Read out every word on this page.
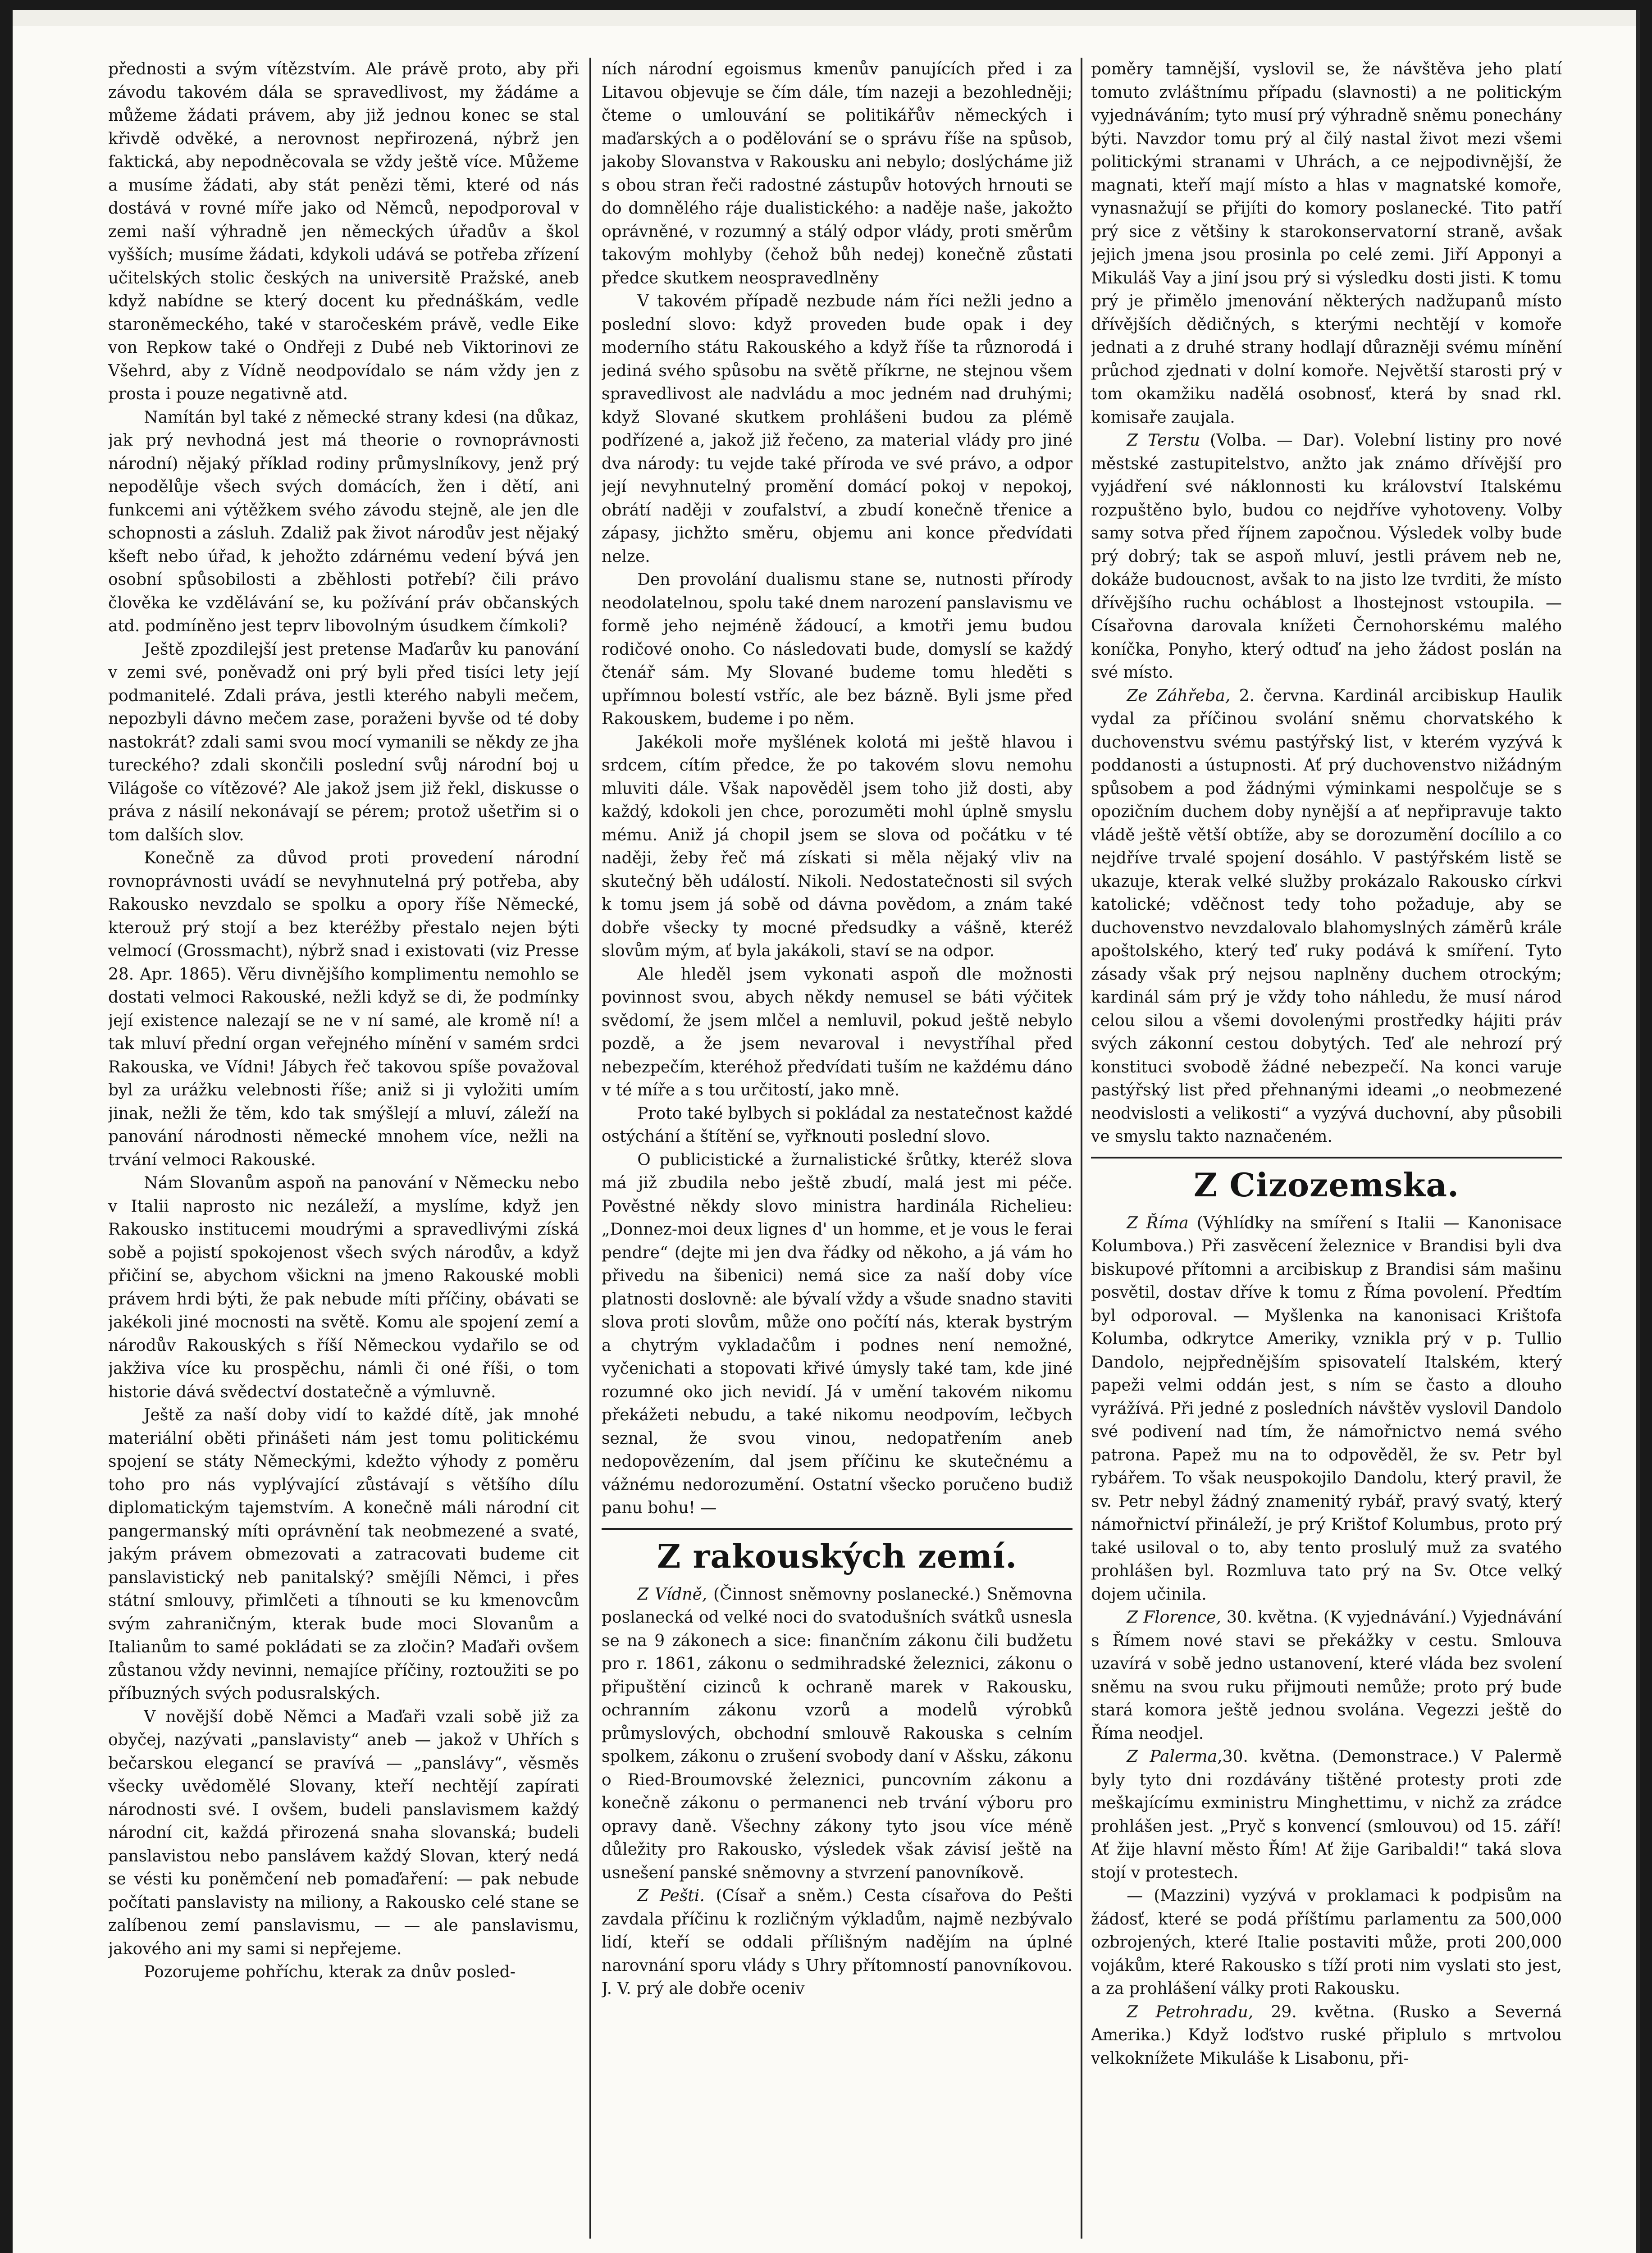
přednosti a svým vítězstvím. Ale právě proto, aby při závodu takovém dála se spravedlivost, my žádáme a můžeme žádati právem, aby již jednou konec se stal křivdě odvěké, a nerovnost nepřirozená, nýbrž jen faktická, aby nepodněcovala se vždy ještě více. Můžeme a musíme žádati, aby stát penězi těmi, které od nás dostává v rovné míře jako od Němců, nepodporoval v zemi naší výhradně jen německých úřadův a škol vyšších; musíme žádati, kdykoli udává se potřeba zřízení učitelských stolic českých na universitě Pražské, aneb když nabídne se který docent ku přednáškám, vedle staroněmeckého, také v staročeském právě, vedle Eike von Repkow také o Ondřeji z Dubé neb Viktorinovi ze Všehrd, aby z Vídně neodpovídalo se nám vždy jen z prosta i pouze negativně atd.

Namítán byl také z německé strany kdesi (na důkaz, jak prý nevhodná jest má theorie o rovnoprávnosti národní) nějaký příklad rodiny průmyslníkovy, jenž prý nepodělůje všech svých domácích, žen i dětí, ani funkcemi ani výtěžkem svého závodu stejně, ale jen dle schopnosti a zásluh. Zdaliž pak život národův jest nějaký kšeft nebo úřad, k jehožto zdárnému vedení bývá jen osobní spůsobilosti a zběhlosti potřebí? čili právo člověka ke vzdělávání se, ku požívání práv občanských atd. podmíněno jest teprv libovolným úsudkem čímkoli?

Ještě zpozdilejší jest pretense Maďarův ku panování v zemi své, poněvadž oni prý byli před tisíci lety její podmanitelé. Zdali práva, jestli kterého nabyli mečem, nepozbyli dávno mečem zase, poraženi byvše od té doby nastokrát? zdali sami svou mocí vymanili se někdy ze jha tureckého? zdali skončili poslední svůj národní boj u Világoše co vítězové? Ale jakož jsem již řekl, diskusse o práva z násilí nekonávají se pérem; protož ušetřim si o tom dalších slov.

Konečně za důvod proti provedení národní rovnoprávnosti uvádí se nevyhnutelná prý potřeba, aby Rakousko nevzdalo se spolku a opory říše Německé, kterouž prý stojí a bez kteréžby přestalo nejen býti velmocí (Grossmacht), nýbrž snad i existovati (viz Presse 28. Apr. 1865). Věru divnějšího komplimentu nemohlo se dostati velmoci Rakouské, nežli když se di, že podmínky její existence nalezají se ne v ní samé, ale kromě ní! a tak mluví přední organ veřejného mínění v samém srdci Rakouska, ve Vídni! Jábych řeč takovou spíše považoval byl za urážku velebnosti říše; aniž si ji vyložiti umím jinak, nežli že těm, kdo tak smýšlejí a mluví, záleží na panování národnosti německé mnohem více, nežli na trvání velmoci Rakouské.

Nám Slovanům aspoň na panování v Německu nebo v Italii naprosto nic nezáleží, a myslíme, když jen Rakousko institucemi moudrými a spravedlivými získá sobě a pojistí spokojenost všech svých národův, a když přičiní se, abychom všickni na jmeno Rakouské mobli právem hrdi býti, že pak nebude míti příčiny, obávati se jakékoli jiné mocnosti na světě. Komu ale spojení zemí a národův Rakouských s říší Německou vydařilo se od jakživa více ku prospěchu, námli či oné říši, o tom historie dává svědectví dostatečně a výmluvně.

Ještě za naší doby vidí to každé dítě, jak mnohé materiální oběti přinášeti nám jest tomu politickému spojení se státy Německými, kdežto výhody z poměru toho pro nás vyplývající zůstávají s většího dílu diplomatickým tajemstvím. A konečně máli národní cit pangermanský míti oprávnění tak neobmezené a svaté, jakým právem obmezovati a zatracovati budeme cit panslavistický neb panitalský? smějíli Němci, i přes státní smlouvy, přimlčeti a tíhnouti se ku kmenovcům svým zahraničným, kterak bude moci Slovanům a Italianům to samé pokládati se za zločin? Maďaři ovšem zůstanou vždy nevinni, nemajíce příčiny, roztoužiti se po příbuzných svých podusralských.

V novější době Němci a Maďaři vzali sobě již za obyčej, nazývati „panslavisty“ aneb — jakož v Uhřích s bečarskou elegancí se pravívá — „panslávy“, věsměs všecky uvědomělé Slovany, kteří nechtějí zapírati národnosti své. I ovšem, budeli panslavismem každý národní cit, každá přirozená snaha slovanská; budeli panslavistou nebo panslávem každý Slovan, který nedá se vésti ku poněmčení neb pomaďaření: — pak nebude počítati panslavisty na miliony, a Rakousko celé stane se zalíbenou zemí panslavismu, — — ale panslavismu, jakového ani my sami si nepřejeme.

Pozorujeme pohříchu, kterak za dnův posled-

ních národní egoismus kmenův panujících před i za Litavou objevuje se čím dále, tím nazeji a bezohledněji; čteme o umlouvání se politikářův německých i maďarských a o podělování se o správu říše na spůsob, jakoby Slovanstva v Rakousku ani nebylo; doslýcháme již s obou stran řeči radostné zástupův hotových hrnouti se do domnělého ráje dualistického: a naděje naše, jakožto oprávněné, v rozumný a stálý odpor vlády, proti směrům takovým mohlyby (čehož bůh nedej) konečně zůstati předce skutkem neospravedlněny

V takovém případě nezbude nám říci nežli jedno a poslední slovo: když proveden bude opak i dey moderního státu Rakouského a když říše ta různorodá i jediná svého spůsobu na světě příkrne, ne stejnou všem spravedlivost ale nadvládu a moc jedném nad druhými; když Slované skutkem prohlášeni budou za plémě podřízené a, jakož již řečeno, za material vlády pro jiné dva národy: tu vejde také příroda ve své právo, a odpor její nevyhnutelný promění domácí pokoj v nepokoj, obrátí naději v zoufalství, a zbudí konečně třenice a zápasy, jichžto směru, objemu ani konce předvídati nelze.

Den provolání dualismu stane se, nutnosti přírody neodolatelnou, spolu také dnem narození panslavismu ve formě jeho nejméně žádoucí, a kmotři jemu budou rodičové onoho. Co následovati bude, domyslí se každý čtenář sám. My Slované budeme tomu hleděti s upřímnou bolestí vstříc, ale bez bázně. Byli jsme před Rakouskem, budeme i po něm.

Jakékoli moře myšlének kolotá mi ještě hlavou i srdcem, cítím předce, že po takovém slovu nemohu mluviti dále. Však napověděl jsem toho již dosti, aby každý, kdokoli jen chce, porozuměti mohl úplně smyslu mému. Aniž já chopil jsem se slova od počátku v té naději, žeby řeč má získati si měla nějaký vliv na skutečný běh událostí. Nikoli. Nedostatečnosti sil svých k tomu jsem já sobě od dávna povědom, a znám také dobře všecky ty mocné předsudky a vášně, kteréž slovům mým, ať byla jakákoli, staví se na odpor.

Ale hleděl jsem vykonati aspoň dle možnosti povinnost svou, abych někdy nemusel se báti výčitek svědomí, že jsem mlčel a nemluvil, pokud ještě nebylo pozdě, a že jsem nevaroval i nevystříhal před nebezpečím, kteréhož předvídati tuším ne každému dáno v té míře a s tou určitostí, jako mně.

Proto také bylbych si pokládal za nestatečnost každé ostýchání a štítění se, vyřknouti poslední slovo.

O publicistické a žurnalistické šrůtky, kteréž slova má již zbudila nebo ještě zbudí, malá jest mi péče. Pověstné někdy slovo ministra hardinála Richelieu: „Donnez-moi deux lignes d' un homme, et je vous le ferai pendre“ (dejte mi jen dva řádky od někoho, a já vám ho přivedu na šibenici) nemá sice za naší doby více platnosti doslovně: ale bývalí vždy a všude snadno staviti slova proti slovům, může ono počítí nás, kterak bystrým a chytrým vykladačům i podnes není nemožné, vyčenichati a stopovati křivé úmysly také tam, kde jiné rozumné oko jich nevidí. Já v umění takovém nikomu překážeti nebudu, a také nikomu neodpovím, lečbych seznal, že svou vinou, nedopatřením aneb nedopovězením, dal jsem příčinu ke skutečnému a vážnému nedorozumění. Ostatní všecko poručeno budiž panu bohu! —

Z rakouských zemí.

Z Vídně, (Činnost sněmovny poslanecké.) Sněmovna poslanecká od velké noci do svatodušních svátků usnesla se na 9 zákonech a sice: finančním zákonu čili budžetu pro r. 1861, zákonu o sedmihradské železnici, zákonu o připuštění cizinců k ochraně marek v Rakousku, ochranním zákonu vzorů a modelů výrobků průmyslových, obchodní smlouvě Rakouska s celním spolkem, zákonu o zrušení svobody daní v Ašsku, zákonu o Ried-Broumovské železnici, puncovním zákonu a konečně zákonu o permanenci neb trvání výboru pro opravy daně. Všechny zákony tyto jsou více méně důležity pro Rakousko, výsledek však závisí ještě na usnešení panské sněmovny a stvrzení panovníkově.

Z Pešti. (Císař a sněm.) Cesta císařova do Pešti zavdala příčinu k rozličným výkladům, najmě nezbývalo lidí, kteří se oddali přílišným nadějím na úplné narovnání sporu vlády s Uhry přítomností panovníkovou. J. V. prý ale dobře oceniv

poměry tamnější, vyslovil se, že návštěva jeho platí tomuto zvláštnímu případu (slavnosti) a ne politickým vyjednáváním; tyto musí prý výhradně sněmu ponechány býti. Navzdor tomu prý al čilý nastal život mezi všemi politickými stranami v Uhrách, a ce nejpodivnější, že magnati, kteří mají místo a hlas v magnatské komoře, vynasnažují se přijíti do komory poslanecké. Tito patří prý sice z většiny k starokonservatorní straně, avšak jejich jmena jsou prosinla po celé zemi. Jiří Apponyi a Mikuláš Vay a jiní jsou prý si výsledku dosti jisti. K tomu prý je přimělo jmenování některých nadžupanů místo dřívějších dědičných, s kterými nechtějí v komoře jednati a z druhé strany hodlají důrazněji svému mínění průchod zjednati v dolní komoře. Největší starosti prý v tom okamžiku nadělá osobnosť, která by snad rkl. komisaře zaujala.

Z Terstu (Volba. — Dar). Volební listiny pro nové městské zastupitelstvo, anžto jak známo dřívější pro vyjádření své náklonnosti ku království Italskému rozpuštěno bylo, budou co nejdříve vyhotoveny. Volby samy sotva před říjnem započnou. Výsledek volby bude prý dobrý; tak se aspoň mluví, jestli právem neb ne, dokáže budoucnost, avšak to na jisto lze tvrditi, že místo dřívějšího ruchu ocháblost a lhostejnost vstoupila. — Císařovna darovala knížeti Černohorskému malého koníčka, Ponyho, který odtuď na jeho žádost poslán na své místo.

Ze Záhřeba, 2. června. Kardinál arcibiskup Haulik vydal za příčinou svolání sněmu chorvatského k duchovenstvu svému pastýřský list, v kterém vyzývá k poddanosti a ústupnosti. Ať prý duchovenstvo nižádným spůsobem a pod žádnými výminkami nespolčuje se s opozičním duchem doby nynější a ať nepřipravuje takto vládě ještě větší obtíže, aby se dorozumění docílilo a co nejdříve trvalé spojení dosáhlo. V pastýřském listě se ukazuje, kterak velké služby prokázalo Rakousko církvi katolické; vděčnost tedy toho požaduje, aby se duchovenstvo nevzdalovalo blahomyslných záměrů krále apoštolského, který teď ruky podává k smíření. Tyto zásady však prý nejsou naplněny duchem otrockým; kardinál sám prý je vždy toho náhledu, že musí národ celou silou a všemi dovolenými prostředky hájiti práv svých zákonní cestou dobytých. Teď ale nehrozí prý konstituci svobodě žádné nebezpečí. Na konci varuje pastýřský list před přehnanými ideami „o neobmezené neodvislosti a velikosti“ a vyzývá duchovní, aby působili ve smyslu takto naznačeném.

Z Cizozemska.

Z Říma (Výhlídky na smíření s Italii — Kanonisace Kolumbova.) Při zasvěcení železnice v Brandisi byli dva biskupové přítomni a arcibiskup z Brandisi sám mašinu posvětil, dostav dříve k tomu z Říma povolení. Předtím byl odporoval. — Myšlenka na kanonisaci Krištofa Kolumba, odkrytce Ameriky, vznikla prý v p. Tullio Dandolo, nejpřednějším spisovatelí Italském, který papeži velmi oddán jest, s ním se často a dlouho vyrážívá. Při jedné z posledních návštěv vyslovil Dandolo své podivení nad tím, že námořnictvo nemá svého patrona. Papež mu na to odpověděl, že sv. Petr byl rybářem. To však neuspokojilo Dandolu, který pravil, že sv. Petr nebyl žádný znamenitý rybář, pravý svatý, který námořnictví přináleží, je prý Krištof Kolumbus, proto prý také usiloval o to, aby tento proslulý muž za svatého prohlášen byl. Rozmluva tato prý na Sv. Otce velký dojem učinila.

Z Florence, 30. května. (K vyjednávání.) Vyjednávání s Římem nové stavi se překážky v cestu. Smlouva uzavírá v sobě jedno ustanovení, které vláda bez svolení sněmu na svou ruku přijmouti nemůže; proto prý bude stará komora ještě jednou svolána. Vegezzi ještě do Říma neodjel.

Z Palerma,30. května. (Demonstrace.) V Palermě byly tyto dni rozdávány tištěné protesty proti zde meškajícímu exministru Minghettimu, v nichž za zrádce prohlášen jest. „Pryč s konvencí (smlouvou) od 15. září! Ať žije hlavní město Řím! Ať žije Garibaldi!“ taká slova stojí v protestech.

— (Mazzini) vyzývá v proklamaci k podpisům na žádosť, které se podá příštímu parlamentu za 500,000 ozbrojených, které Italie postaviti může, proti 200,000 vojákům, které Rakousko s tíží proti nim vyslati sto jest, a za prohlášení války proti Rakousku.

Z Petrohradu, 29. května. (Rusko a Severná Amerika.) Když loďstvo ruské připlulo s mrtvolou velkoknížete Mikuláše k Lisabonu, při-
